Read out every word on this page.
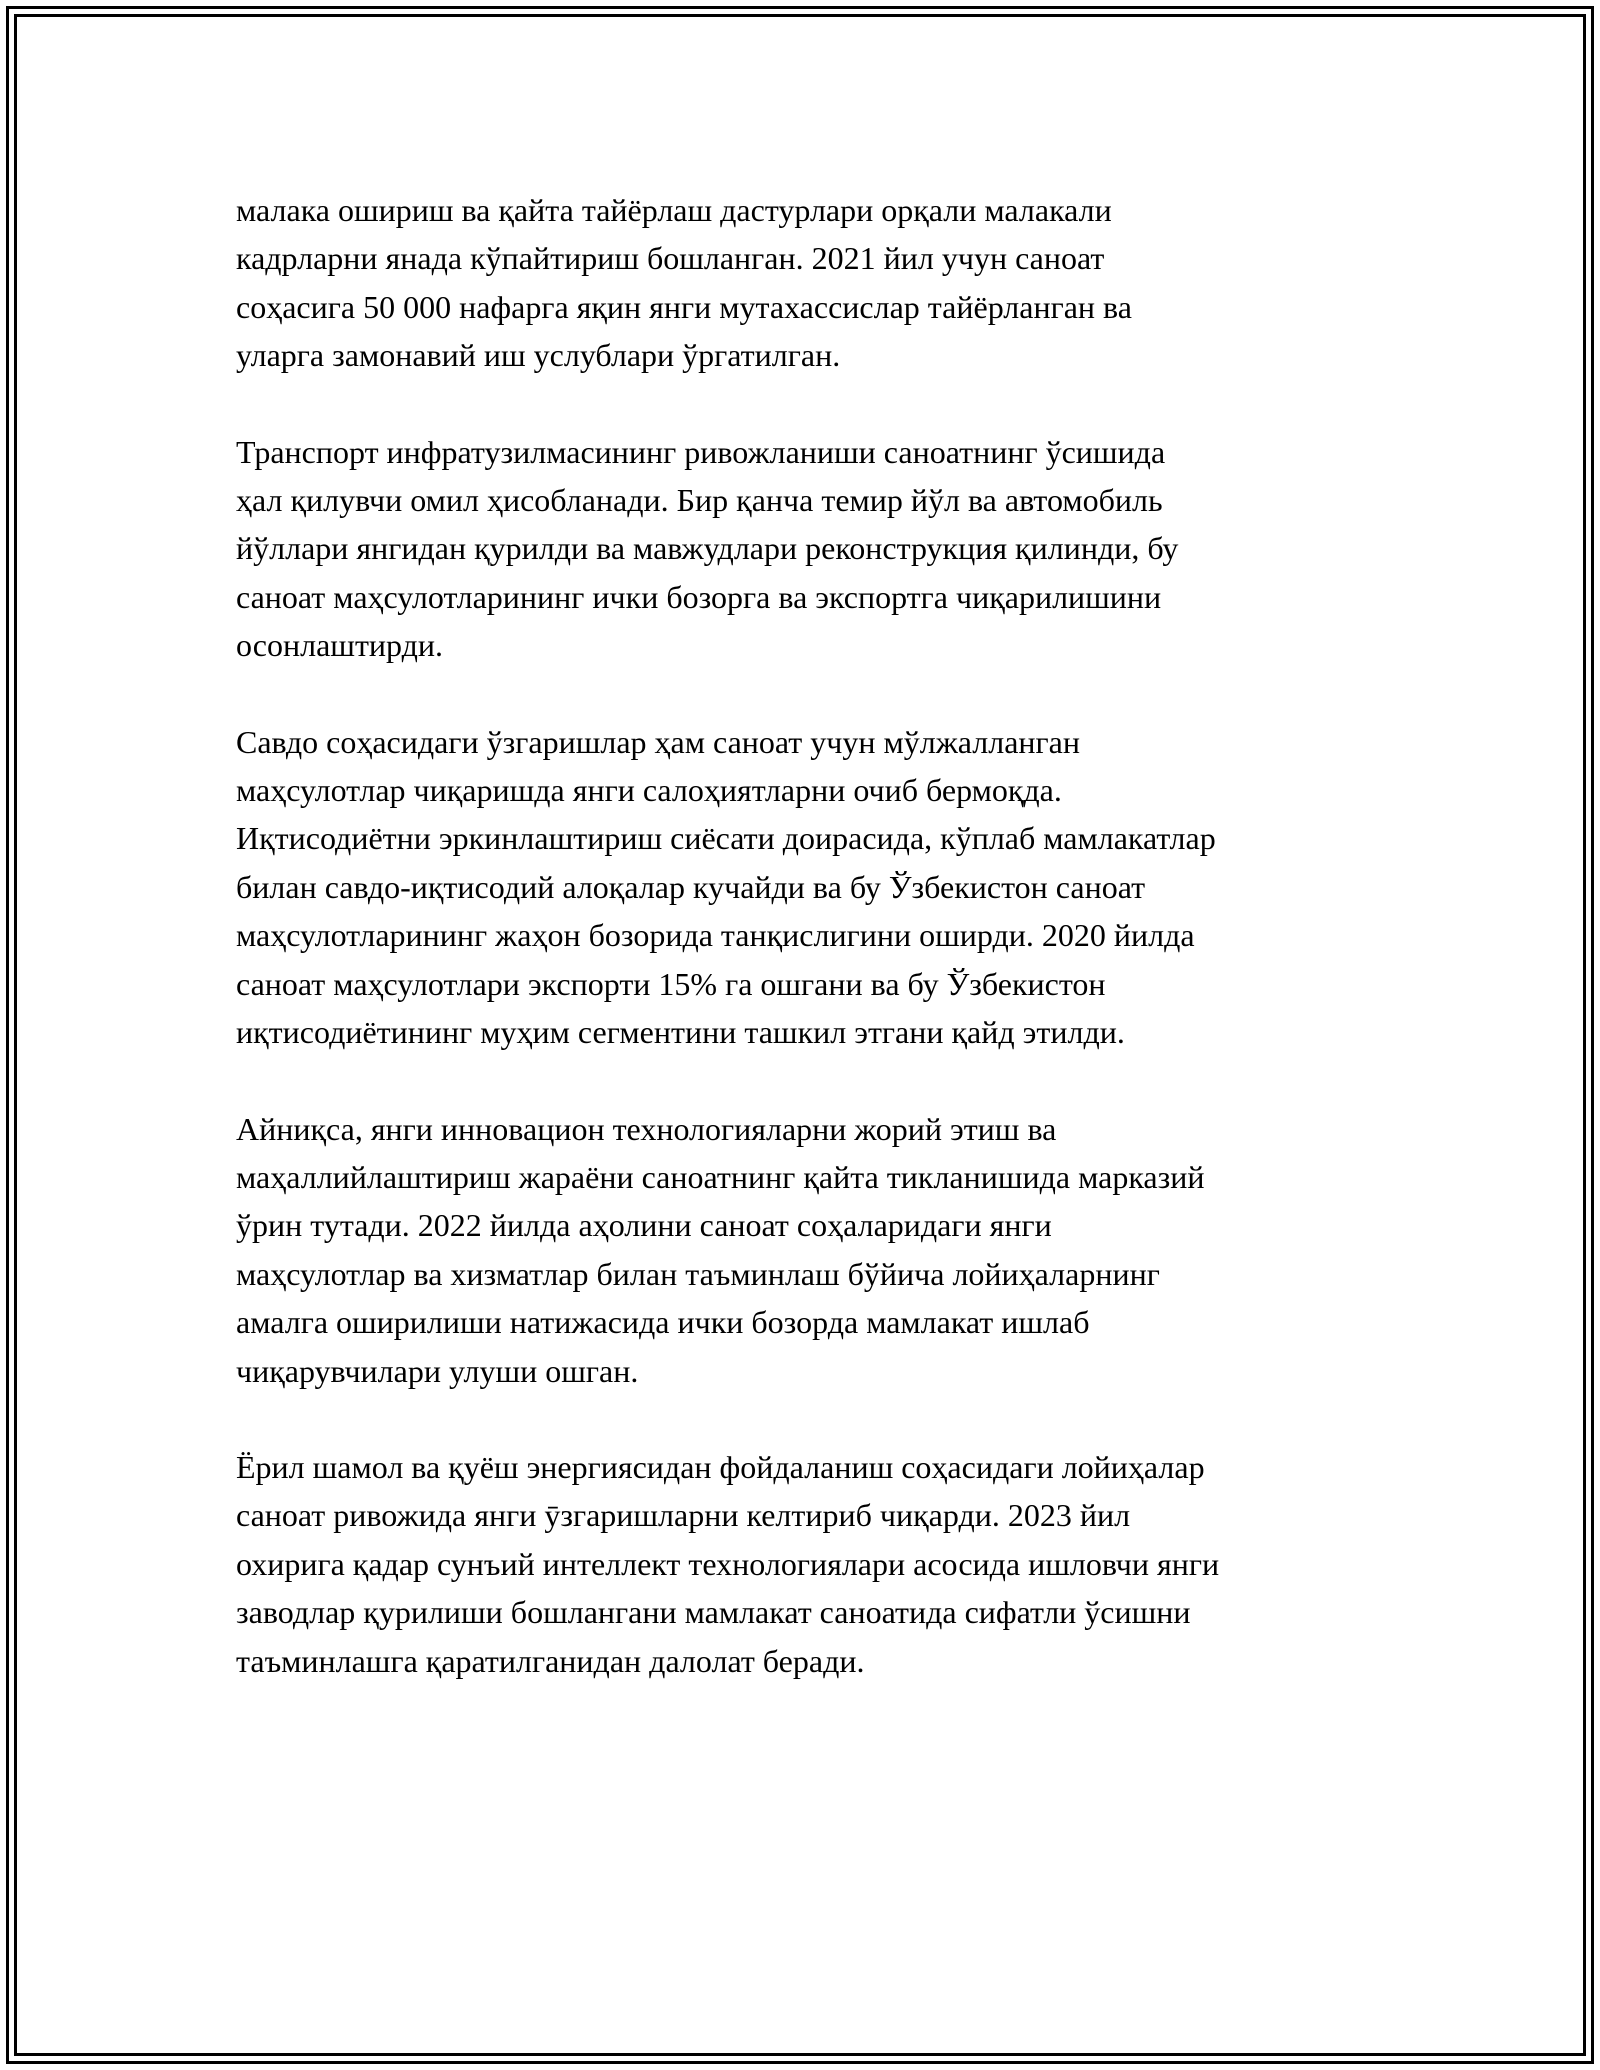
малака ошириш ва қайта тайёрлаш дастурлари орқали малакали
кадрларни янада кўпайтириш бошланган. 2021 йил учун саноат
соҳасига 50 000 нафарга яқин янги мутахассислар тайёрланган ва
уларга замонавий иш услублари ўргатилган.

Транспорт инфратузилмасининг ривожланиши саноатнинг ўсишида
ҳал қилувчи омил ҳисобланади. Бир қанча темир йўл ва автомобиль
йўллари янгидан қурилди ва мавжудлари реконструкция қилинди, бу
саноат маҳсулотларининг ички бозорга ва экспортга чиқарилишини
осонлаштирди.

Савдо соҳасидаги ўзгаришлар ҳам саноат учун мўлжалланган
маҳсулотлар чиқаришда янги салоҳиятларни очиб бермоқда.
Иқтисодиётни эркинлаштириш сиёсати доирасида, кўплаб мамлакатлар
билан савдо-иқтисодий алоқалар кучайди ва бу Ўзбекистон саноат
маҳсулотларининг жаҳон бозорида танқислигини оширди. 2020 йилда
саноат маҳсулотлари экспорти 15% га ошгани ва бу Ўзбекистон
иқтисодиётининг муҳим сегментини ташкил этгани қайд этилди.

Айниқса, янги инновацион технологияларни жорий этиш ва
маҳаллийлаштириш жараёни саноатнинг қайта тикланишида марказий
ўрин тутади. 2022 йилда аҳолини саноат соҳаларидаги янги
маҳсулотлар ва хизматлар билан таъминлаш бўйича лойиҳаларнинг
амалга оширилиши натижасида ички бозорда мамлакат ишлаб
чиқарувчилари улуши ошган.

Ёрил шамол ва қуёш энергиясидан фойдаланиш соҳасидаги лойиҳалар
саноат ривожида янги ӯзгаришларни келтириб чиқарди. 2023 йил
охирига қадар сунъий интеллект технологиялари асосида ишловчи янги
заводлар қурилиши бошлангани мамлакат саноатида сифатли ўсишни
таъминлашга қаратилганидан далолат беради.
